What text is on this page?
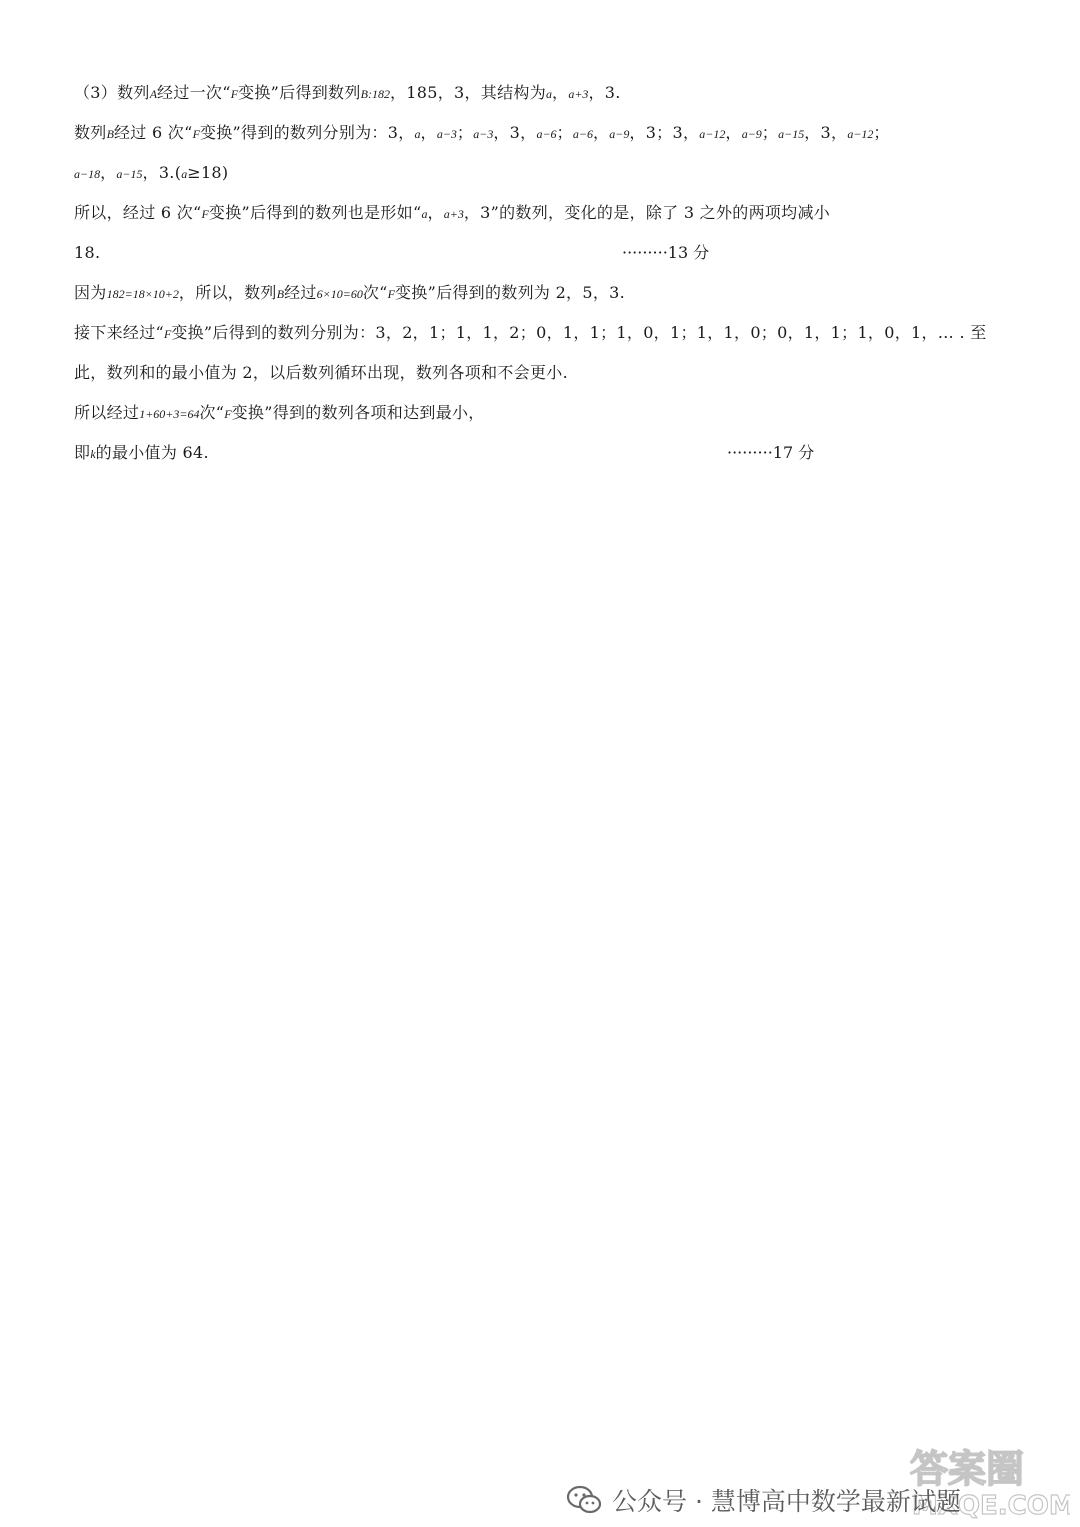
（3）数列A经过一次“F变换”后得到数列B:182，185，3，其结构为a，a+3，3.
数列B经过 6 次“F变换”得到的数列分别为：3，a，a−3；a−3，3，a−6；a−6，a−9，3；3，a−12，a−9；a−15，3，a−12；
a−18，a−15，3.(a≥18)
所以，经过 6 次“F变换”后得到的数列也是形如“a，a+3，3”的数列，变化的是，除了 3 之外的两项均减小
18.	·········13 分
因为182=18×10+2，所以，数列B经过6×10=60次“F变换”后得到的数列为 2，5，3.
接下来经过“F变换”后得到的数列分别为：3，2，1；1，1，2；0，1，1；1，0，1；1，1，0；0，1，1；1，0，1，… . 至
此，数列和的最小值为 2，以后数列循环出现，数列各项和不会更小.
所以经过1+60+3=64次“F变换”得到的数列各项和达到最小，
即k的最小值为 64.	·········17 分
公众号 · 慧博高中数学最新试题
答案圈
MXQE.COM
